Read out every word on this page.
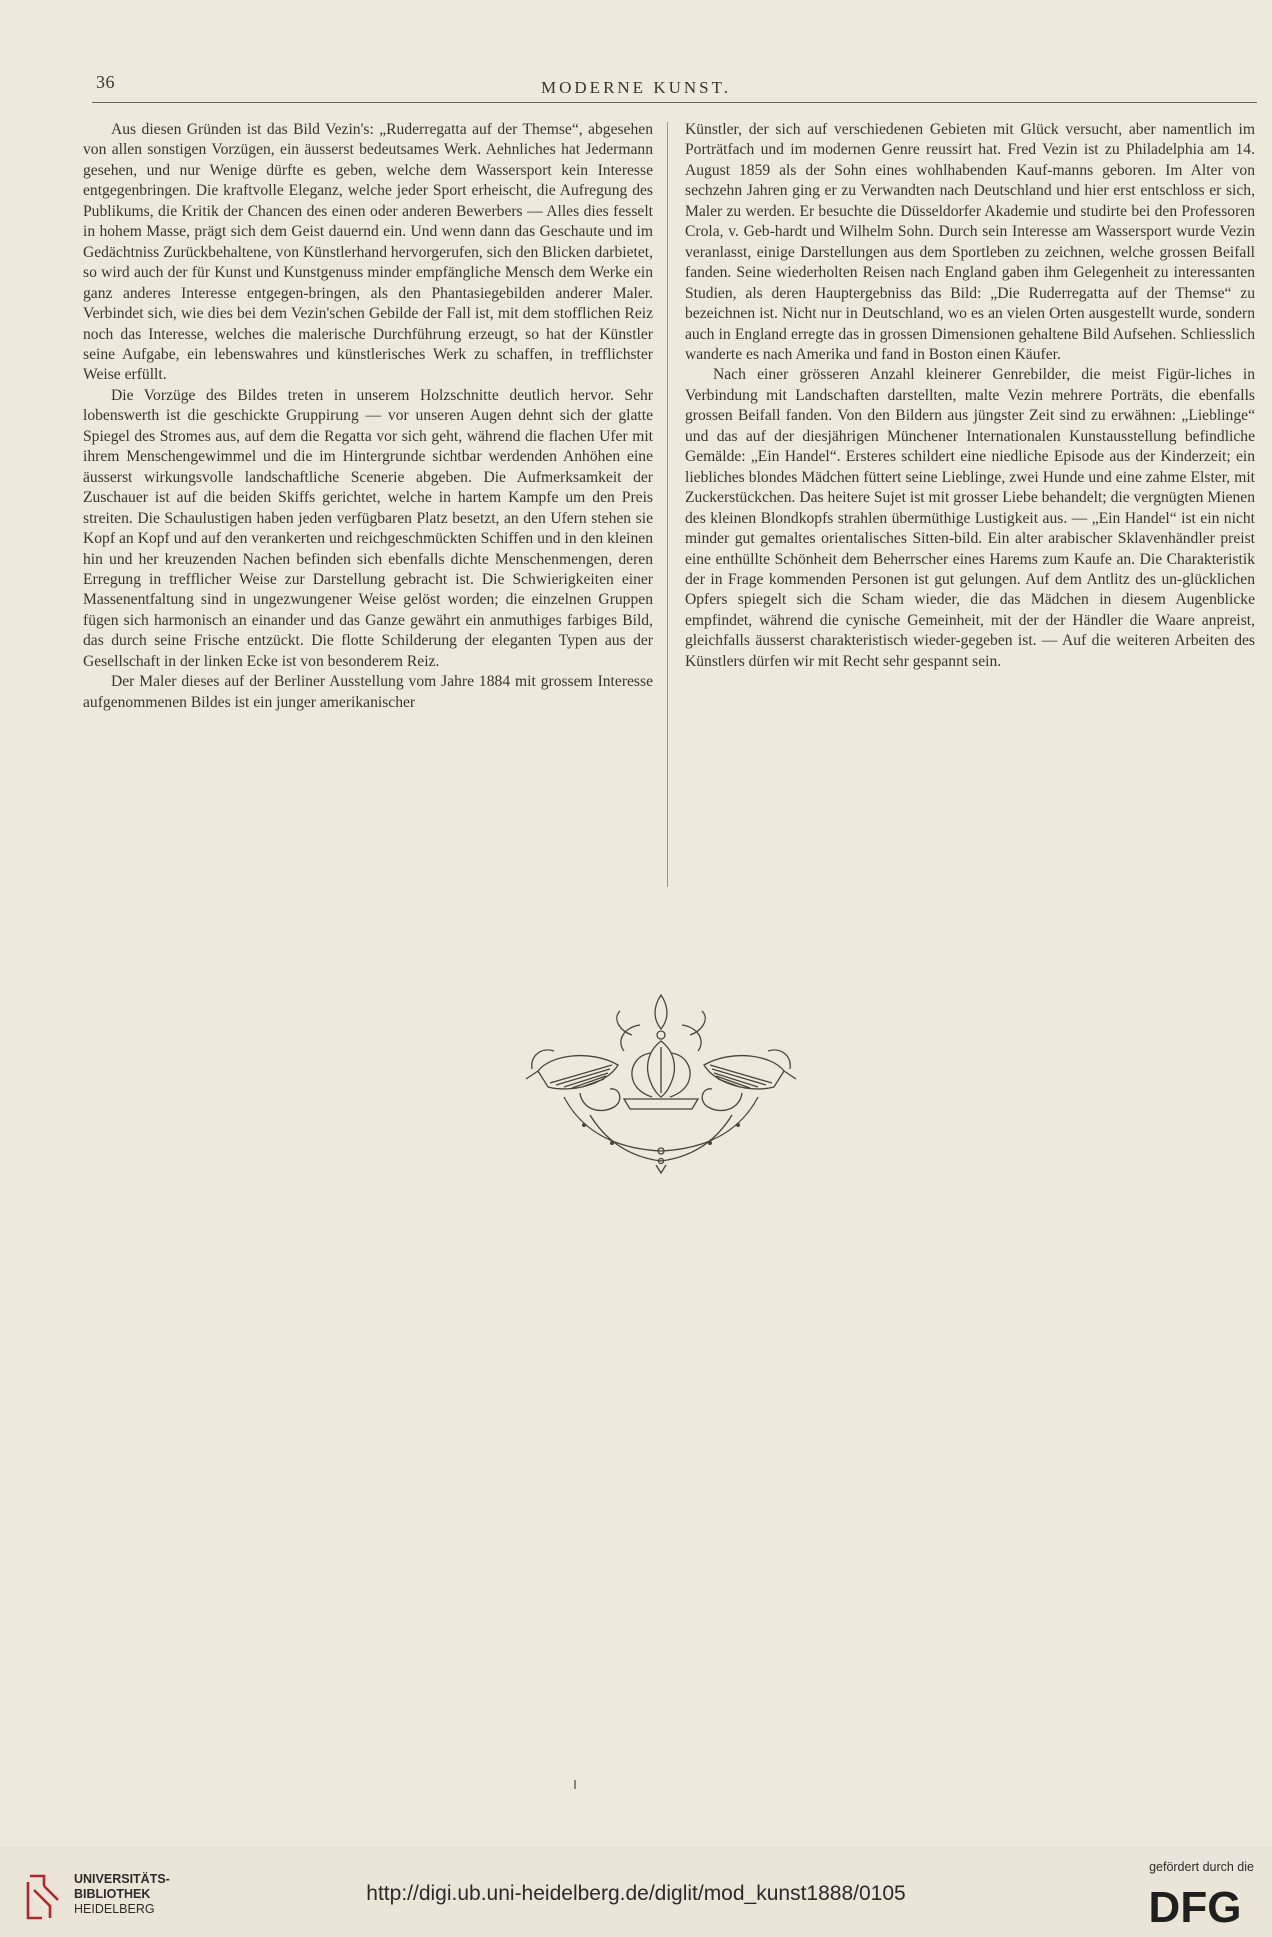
36	MODERNE KUNST.

Aus diesen Gründen ist das Bild Vezin's: „Ruderregatta auf der Themse“, abgesehen von allen sonstigen Vorzügen, ein äusserst bedeutsames Werk. Aehnliches hat Jedermann gesehen, und nur Wenige dürfte es geben, welche dem Wassersport kein Interesse entgegenbringen. Die kraftvolle Eleganz, welche jeder Sport erheischt, die Aufregung des Publikums, die Kritik der Chancen des einen oder anderen Bewerbers — Alles dies fesselt in hohem Masse, prägt sich dem Geist dauernd ein. Und wenn dann das Geschaute und im Gedächtniss Zurückbehaltene, von Künstlerhand hervorgerufen, sich den Blicken darbietet, so wird auch der für Kunst und Kunstgenuss minder empfängliche Mensch dem Werke ein ganz anderes Interesse entgegen-bringen, als den Phantasiegebilden anderer Maler. Verbindet sich, wie dies bei dem Vezin'schen Gebilde der Fall ist, mit dem stofflichen Reiz noch das Interesse, welches die malerische Durchführung erzeugt, so hat der Künstler seine Aufgabe, ein lebenswahres und künstlerisches Werk zu schaffen, in trefflichster Weise erfüllt.

Die Vorzüge des Bildes treten in unserem Holzschnitte deutlich hervor. Sehr lobenswerth ist die geschickte Gruppirung — vor unseren Augen dehnt sich der glatte Spiegel des Stromes aus, auf dem die Regatta vor sich geht, während die flachen Ufer mit ihrem Menschengewimmel und die im Hintergrunde sichtbar werdenden Anhöhen eine äusserst wirkungsvolle landschaftliche Scenerie abgeben. Die Aufmerksamkeit der Zuschauer ist auf die beiden Skiffs gerichtet, welche in hartem Kampfe um den Preis streiten. Die Schaulustigen haben jeden verfügbaren Platz besetzt, an den Ufern stehen sie Kopf an Kopf und auf den verankerten und reichgeschmückten Schiffen und in den kleinen hin und her kreuzenden Nachen befinden sich ebenfalls dichte Menschenmengen, deren Erregung in trefflicher Weise zur Darstellung gebracht ist. Die Schwierigkeiten einer Massenentfaltung sind in ungezwungener Weise gelöst worden; die einzelnen Gruppen fügen sich harmonisch an einander und das Ganze gewährt ein anmuthiges farbiges Bild, das durch seine Frische entzückt. Die flotte Schilderung der eleganten Typen aus der Gesellschaft in der linken Ecke ist von besonderem Reiz.

Der Maler dieses auf der Berliner Ausstellung vom Jahre 1884 mit grossem Interesse aufgenommenen Bildes ist ein junger amerikanischer

Künstler, der sich auf verschiedenen Gebieten mit Glück versucht, aber namentlich im Porträtfach und im modernen Genre reussirt hat. Fred Vezin ist zu Philadelphia am 14. August 1859 als der Sohn eines wohlhabenden Kauf-manns geboren. Im Alter von sechzehn Jahren ging er zu Verwandten nach Deutschland und hier erst entschloss er sich, Maler zu werden. Er besuchte die Düsseldorfer Akademie und studirte bei den Professoren Crola, v. Geb-hardt und Wilhelm Sohn. Durch sein Interesse am Wassersport wurde Vezin veranlasst, einige Darstellungen aus dem Sportleben zu zeichnen, welche grossen Beifall fanden. Seine wiederholten Reisen nach England gaben ihm Gelegenheit zu interessanten Studien, als deren Hauptergebniss das Bild: „Die Ruderregatta auf der Themse“ zu bezeichnen ist. Nicht nur in Deutschland, wo es an vielen Orten ausgestellt wurde, sondern auch in England erregte das in grossen Dimensionen gehaltene Bild Aufsehen. Schliesslich wanderte es nach Amerika und fand in Boston einen Käufer.

Nach einer grösseren Anzahl kleinerer Genrebilder, die meist Figür-liches in Verbindung mit Landschaften darstellten, malte Vezin mehrere Porträts, die ebenfalls grossen Beifall fanden. Von den Bildern aus jüngster Zeit sind zu erwähnen: „Lieblinge“ und das auf der diesjährigen Münchener Internationalen Kunstausstellung befindliche Gemälde: „Ein Handel“. Ersteres schildert eine niedliche Episode aus der Kinderzeit; ein liebliches blondes Mädchen füttert seine Lieblinge, zwei Hunde und eine zahme Elster, mit Zuckerstückchen. Das heitere Sujet ist mit grosser Liebe behandelt; die vergnügten Mienen des kleinen Blondkopfs strahlen übermüthige Lustigkeit aus. — „Ein Handel“ ist ein nicht minder gut gemaltes orientalisches Sitten-bild. Ein alter arabischer Sklavenhändler preist eine enthüllte Schönheit dem Beherrscher eines Harems zum Kaufe an. Die Charakteristik der in Frage kommenden Personen ist gut gelungen. Auf dem Antlitz des un-glücklichen Opfers spiegelt sich die Scham wieder, die das Mädchen in diesem Augenblicke empfindet, während die cynische Gemeinheit, mit der der Händler die Waare anpreist, gleichfalls äusserst charakteristisch wieder-gegeben ist. — Auf die weiteren Arbeiten des Künstlers dürfen wir mit Recht sehr gespannt sein.

UNIVERSITÄTS-
BIBLIOTHEK
HEIDELBERG
http://digi.ub.uni-heidelberg.de/diglit/mod_kunst1888/0105
gefördert durch die
DFG
